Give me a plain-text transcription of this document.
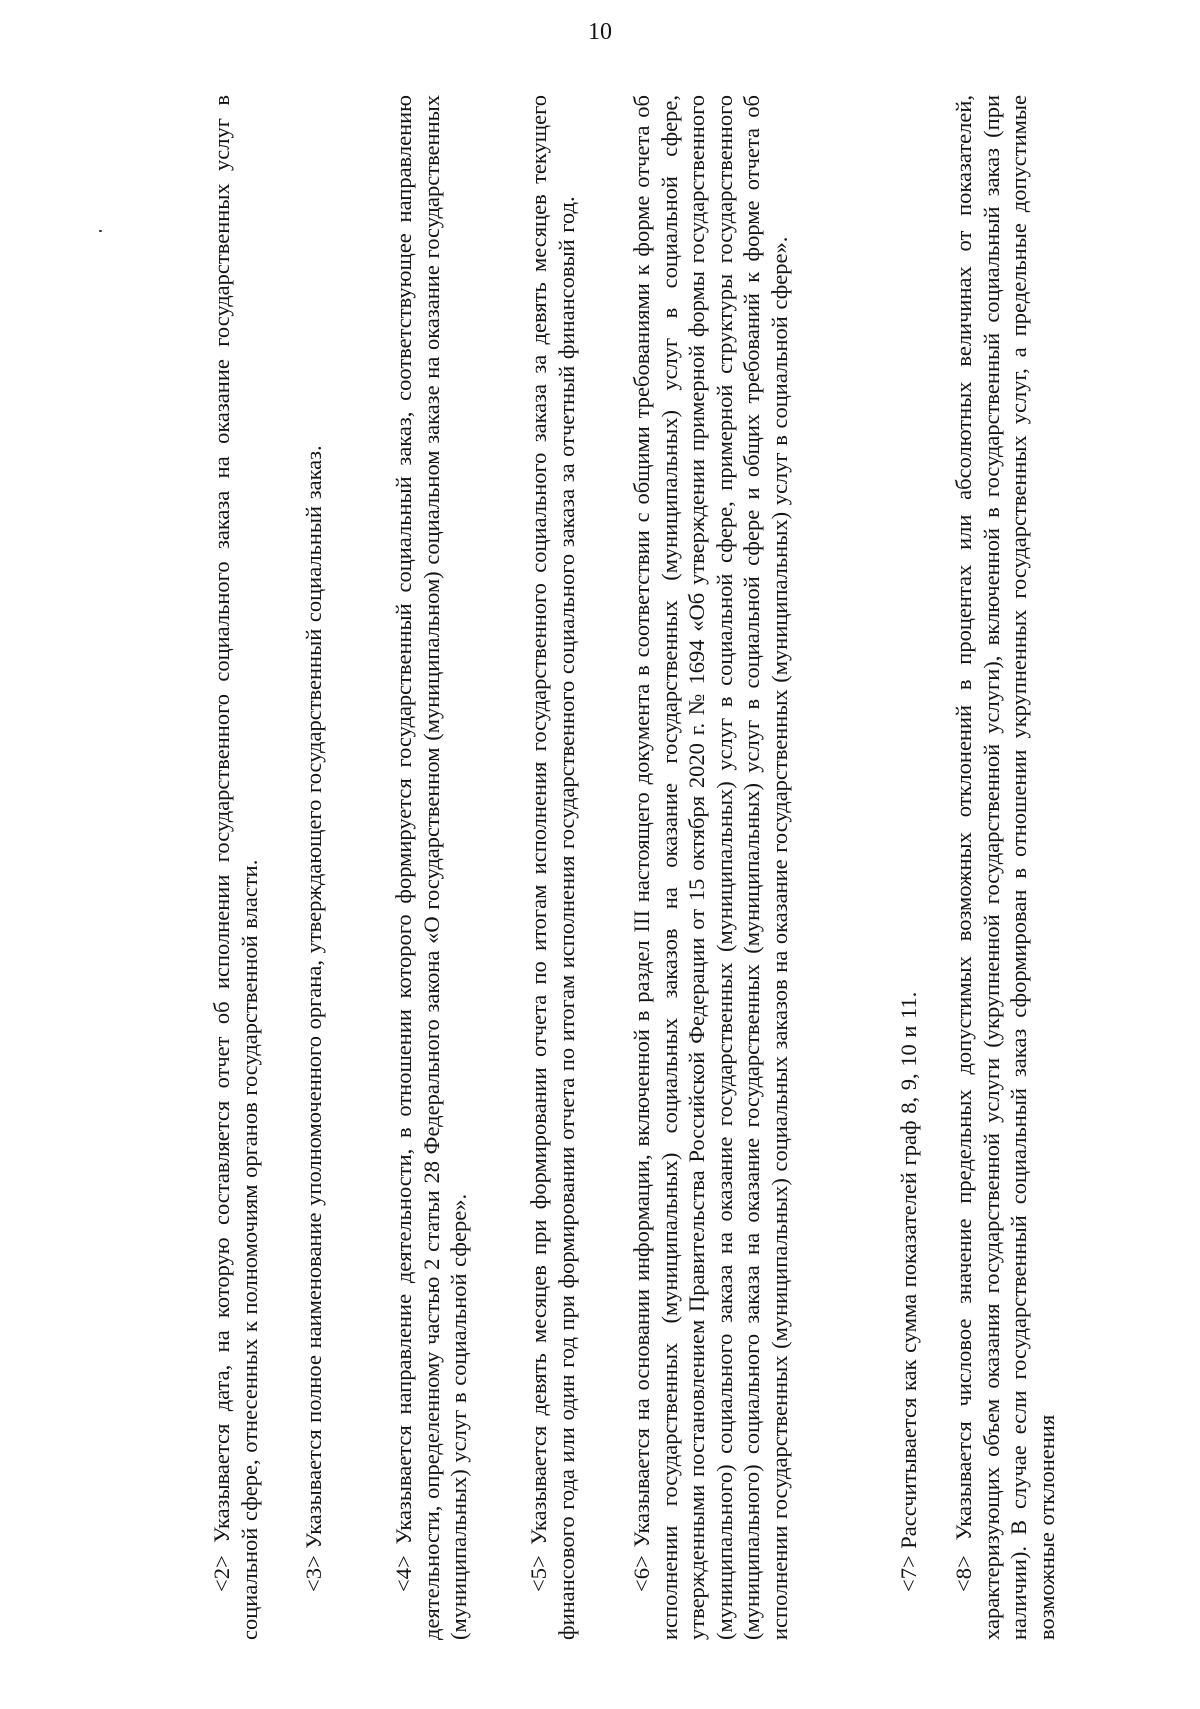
10

<2> Указывается дата, на которую составляется отчет об исполнении государственного социального заказа на оказание государственных услуг в социальной сфере, отнесенных к полномочиям органов государственной власти. <3> Указывается полное наименование уполномоченного органа, утверждающего государственный социальный заказ.

<4> Указывается направление деятельности, в отношении которого формируется государственный социальный заказ, соответствующее направлению деятельности, определенному частью 2 статьи 28 Федерального закона «О государственном (муниципальном) социальном заказе на оказание государственных (муниципальных) услуг в социальной сфере». <5> Указывается девять месяцев при формировании отчета по итогам исполнения государственного социального заказа за девять месяцев текущего финансового года или один год при формировании отчета по итогам исполнения государственного социального заказа за отчетный финансовый год. <6> Указывается на основании информации, включенной в раздел III настоящего документа в соответствии с общими требованиями к форме отчета об исполнении государственных (муниципальных) социальных заказов на оказание государственных (муниципальных) услуг в социальной сфере, утвержденными постановлением Правительства Российской Федерации от 15 октября 2020 г. № 1694 «Об утверждении примерной формы государственного (муниципального) социального заказа на оказание государственных (муниципальных) услуг в социальной сфере, примерной структуры государственного (муниципального) социального заказа на оказание государственных (муниципальных) услуг в социальной сфере и общих требований к форме отчета об исполнении государственных (муниципальных) социальных заказов на оказание государственных (муниципальных) услуг в социальной сфере».	<7> Рассчитывается как сумма показателей граф 8, 9, 10 и 11.

<8> Указывается числовое значение предельных допустимых возможных отклонений в процентах или абсолютных величинах от показателей, характеризующих объем оказания государственной услуги (укрупненной государственной услуги), включенной в государственный социальный заказ (при наличии). В случае если государственный социальный заказ сформирован в отношении укрупненных государственных услуг, а предельные допустимые возможные отклонения
